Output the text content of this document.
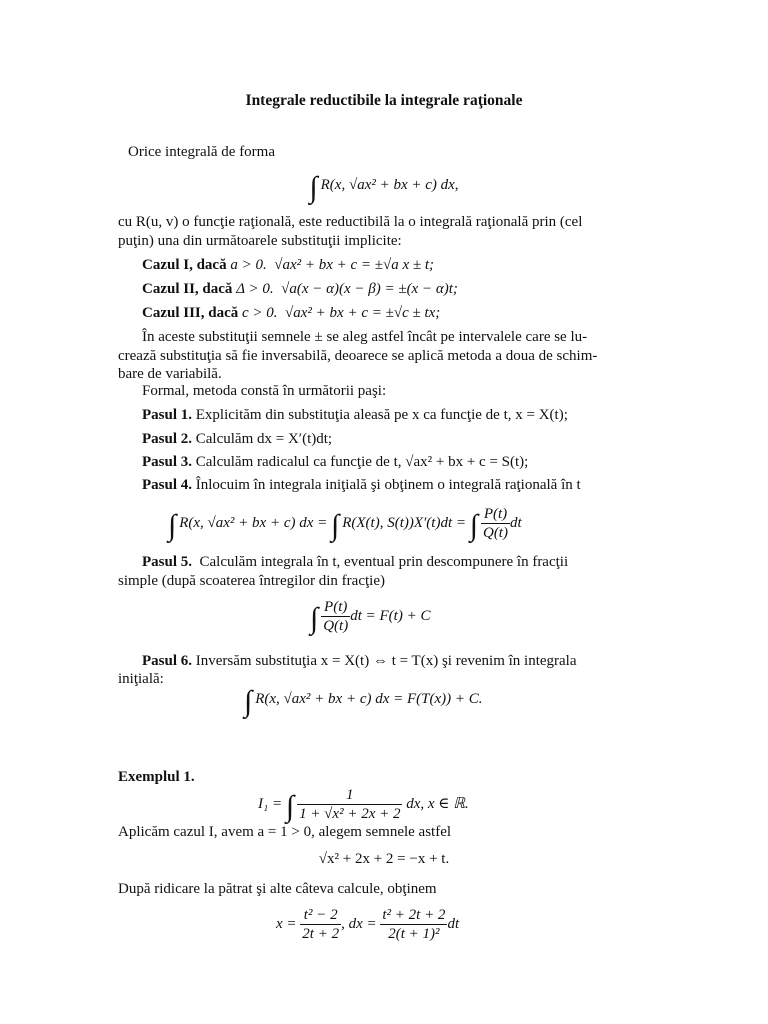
Integrale reductibile la integrale raţionale
Orice integrală de forma
∫ R(x, √ax² + bx + c) dx,
cu R(u, v) o funcţie raţională, este reductibilă la o integrală raţională prin (cel
puţin) una din următoarele substituţii implicite:
Cazul I, dacă a > 0. √ax² + bx + c = ±√a x ± t;
Cazul II, dacă Δ > 0. √a(x − α)(x − β) = ±(x − α)t;
Cazul III, dacă c > 0. √ax² + bx + c = ±√c ± tx;
În aceste substituţii semnele ± se aleg astfel încât pe intervalele care se lu-
crează substituţia să fie inversabilă, deoarece se aplică metoda a doua de schim-
bare de variabilă.
Formal, metoda constă în următorii paşi:
Pasul 1. Explicităm din substituţia aleasă pe x ca funcţie de t, x = X(t);
Pasul 2. Calculăm dx = X′(t)dt;
Pasul 3. Calculăm radicalul ca funcţie de t, √ax² + bx + c = S(t);
Pasul 4. Înlocuim în integrala iniţială şi obţinem o integrală raţională în t
∫ R(x, √ax² + bx + c) dx = ∫ R(X(t), S(t))X′(t)dt = ∫ $\frac{P(t)}{Q(t)}$ dt
Pasul 5. Calculăm integrala în t, eventual prin descompunere în fracţii
simple (după scoaterea întregilor din fracţie)
∫ $\frac{P(t)}{Q(t)}$ dt = F(t) + C
Pasul 6. Inversăm substituţia x = X(t) ⇔ t = T(x) şi revenim în integrala
iniţială:
∫ R(x, √ax² + bx + c) dx = F(T(x)) + C.
Exemplul 1.
I₁ = ∫ $\frac{1}{\text{1 + √x² + 2x + 2}}$ dx, x ∈ ℝ.
Aplicăm cazul I, avem a = 1 > 0, alegem semnele astfel
√x² + 2x + 2 = −x + t.
După ridicare la pătrat şi alte câteva calcule, obţinem
$x = \frac{\text{t² − 2}}{2t + 2}$ , dx = $\frac{\text{t² + 2t + 2}}{\text{2(t + 1)²}}$ dt
